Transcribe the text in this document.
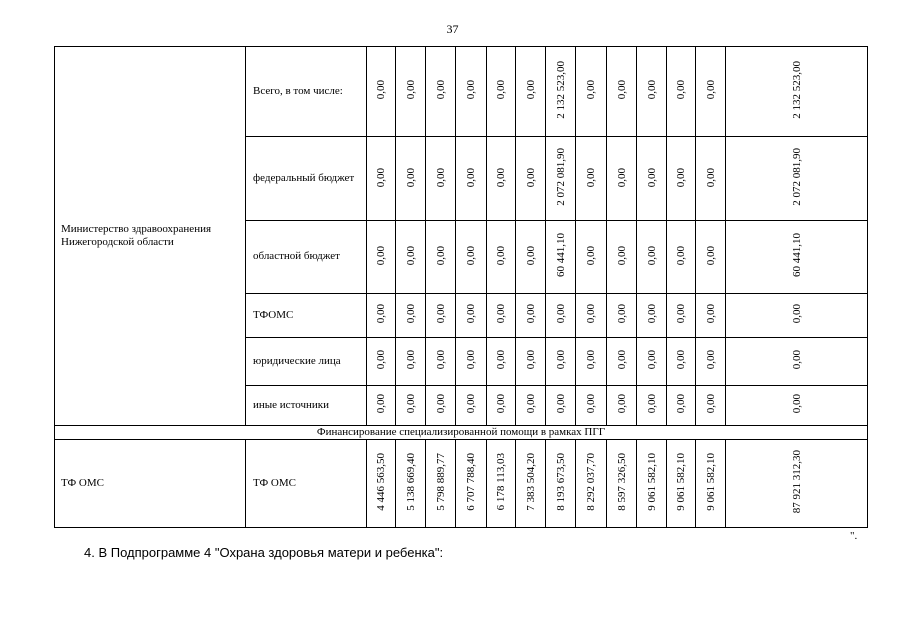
37
Министерство здравоохранения Нижегородской области	Всего, в том числе:	0,00	0,00	0,00	0,00	0,00	0,00	2 132 523,00	0,00	0,00	0,00	0,00	0,00	2 132 523,00
	федеральный бюджет	0,00	0,00	0,00	0,00	0,00	0,00	2 072 081,90	0,00	0,00	0,00	0,00	0,00	2 072 081,90
	областной бюджет	0,00	0,00	0,00	0,00	0,00	0,00	60 441,10	0,00	0,00	0,00	0,00	0,00	60 441,10
	ТФОМС	0,00	0,00	0,00	0,00	0,00	0,00	0,00	0,00	0,00	0,00	0,00	0,00	0,00
	юридические лица	0,00	0,00	0,00	0,00	0,00	0,00	0,00	0,00	0,00	0,00	0,00	0,00	0,00
	иные источники	0,00	0,00	0,00	0,00	0,00	0,00	0,00	0,00	0,00	0,00	0,00	0,00	0,00
Финансирование специализированной помощи в рамках ПГГ														
ТФ ОМС	ТФ ОМС	4 446 563,50	5 138 669,40	5 798 889,77	6 707 788,40	6 178 113,03	7 383 504,20	8 193 673,50	8 292 037,70	8 597 326,50	9 061 582,10	9 061 582,10	9 061 582,10	87 921 312,30
".
4. В Подпрограмме 4 "Охрана здоровья матери и ребенка":
